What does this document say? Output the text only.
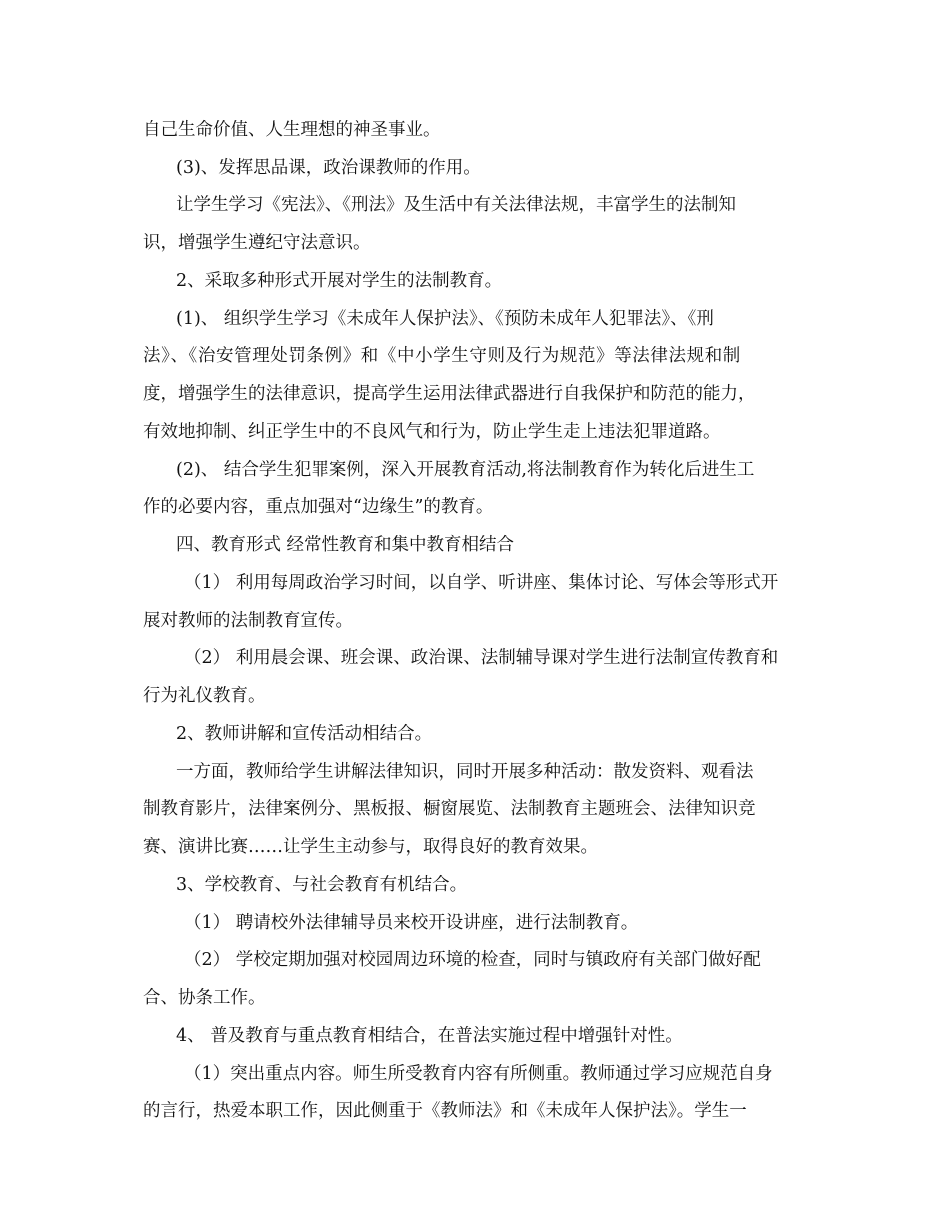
自己生命价值、人生理想的神圣事业。
(3)、发挥思品课，政治课教师的作用。
让学生学习《宪法》、《刑法》及生活中有关法律法规，丰富学生的法制知
识，增强学生遵纪守法意识。
2、采取多种形式开展对学生的法制教育。
(1)、 组织学生学习《未成年人保护法》、《预防未成年人犯罪法》、《刑
法》、《治安管理处罚条例》和《中小学生守则及行为规范》等法律法规和制
度，增强学生的法律意识，提高学生运用法律武器进行自我保护和防范的能力，
有效地抑制、纠正学生中的不良风气和行为，防止学生走上违法犯罪道路。
(2)、 结合学生犯罪案例，深入开展教育活动,将法制教育作为转化后进生工
作的必要内容，重点加强对“边缘生”的教育。
四、教育形式 经常性教育和集中教育相结合
（1） 利用每周政治学习时间，以自学、听讲座、集体讨论、写体会等形式开
展对教师的法制教育宣传。
（2） 利用晨会课、班会课、政治课、法制辅导课对学生进行法制宣传教育和
行为礼仪教育。
2、教师讲解和宣传活动相结合。
一方面，教师给学生讲解法律知识，同时开展多种活动：散发资料、观看法
制教育影片，法律案例分、黑板报、橱窗展览、法制教育主题班会、法律知识竞
赛、演讲比赛……让学生主动参与，取得良好的教育效果。
3、学校教育、与社会教育有机结合。
（1） 聘请校外法律辅导员来校开设讲座，进行法制教育。
（2） 学校定期加强对校园周边环境的检查，同时与镇政府有关部门做好配
合、协条工作。
4、 普及教育与重点教育相结合，在普法实施过程中增强针对性。
（1）突出重点内容。师生所受教育内容有所侧重。教师通过学习应规范自身
的言行，热爱本职工作，因此侧重于《教师法》和《未成年人保护法》。学生一
